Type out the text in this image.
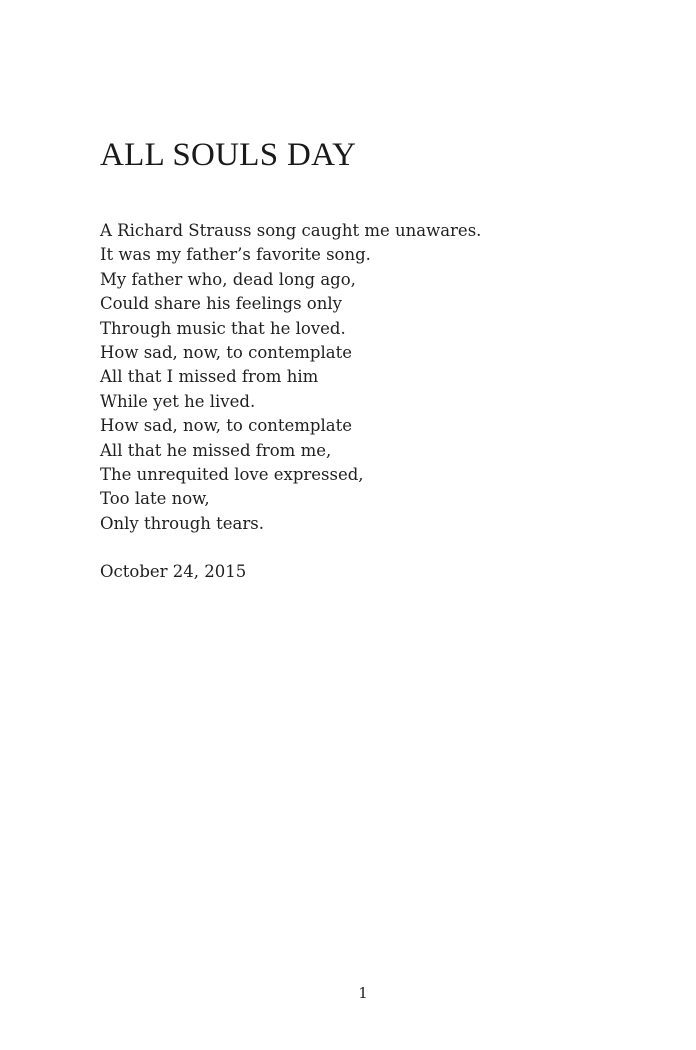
ALL SOULS DAY
A Richard Strauss song caught me unawares.
It was my father’s favorite song.
My father who, dead long ago,
Could share his feelings only
Through music that he loved.
How sad, now, to contemplate
All that I missed from him
While yet he lived.
How sad, now, to contemplate
All that he missed from me,
The unrequited love expressed,
Too late now,
Only through tears.

October 24, 2015

1
